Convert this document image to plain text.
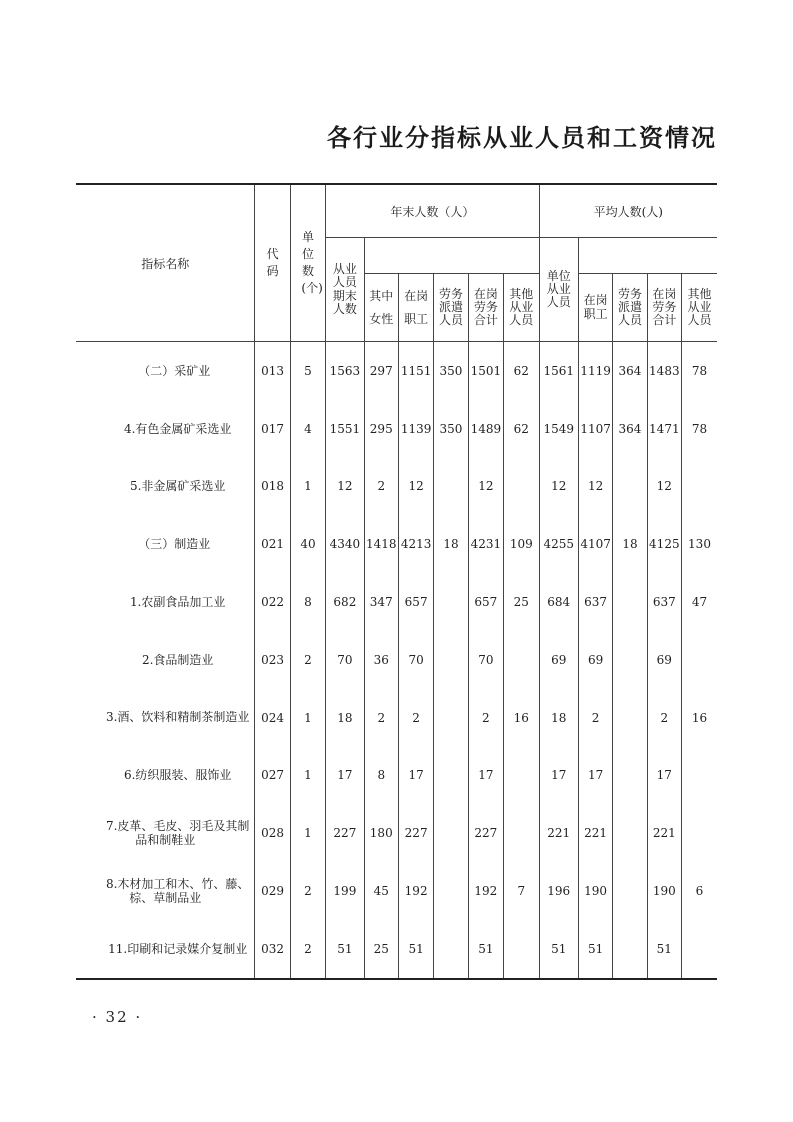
各行业分指标从业人员和工资情况
指标名称	代码	单位数(个)	年末人数（人）						平均人数(人)				
			从业人员期末人数						单位从业人员				
				其中女性	在岗职工	劳务派遣人员	在岗劳务合计	其他从业人员		在岗职工	劳务派遣人员	在岗劳务合计	其他从业人员
（二）采矿业	013	5	1563	297	1151	350	1501	62	1561	1119	364	1483	78
4.有色金属矿采选业	017	4	1551	295	1139	350	1489	62	1549	1107	364	1471	78
5.非金属矿采选业	018	1	12	2	12		12		12	12		12	
（三）制造业	021	40	4340	1418	4213	18	4231	109	4255	4107	18	4125	130
1.农副食品加工业	022	8	682	347	657		657	25	684	637		637	47
2.食品制造业	023	2	70	36	70		70		69	69		69	
3.酒、饮料和精制茶制造业	024	1	18	2	2		2	16	18	2		2	16
6.纺织服装、服饰业	027	1	17	8	17		17		17	17		17	
7.皮革、毛皮、羽毛及其制品和制鞋业	028	1	227	180	227		227		221	221		221	
8.木材加工和木、竹、藤、棕、草制品业	029	2	199	45	192		192	7	196	190		190	6
11.印刷和记录媒介复制业	032	2	51	25	51		51		51	51		51	
· 32 ·
